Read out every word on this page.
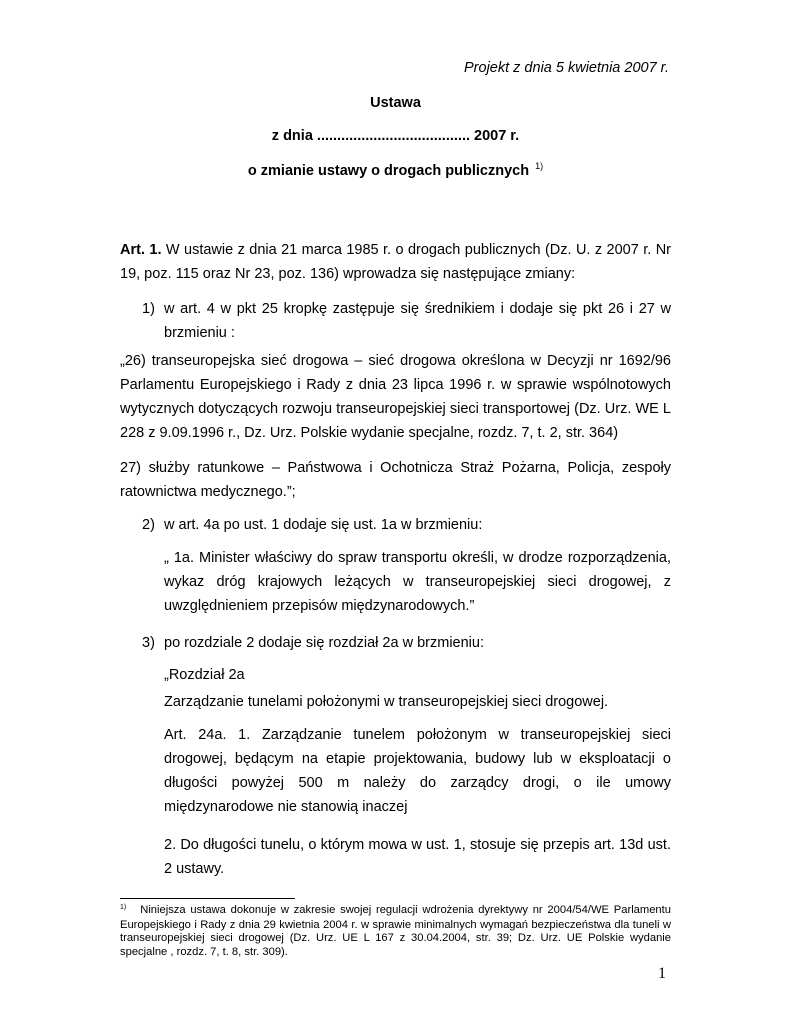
Projekt z dnia 5 kwietnia 2007 r.
Ustawa
z dnia ...................................... 2007 r.
o zmianie ustawy o drogach publicznych $^{1)}$
Art. 1. W ustawie z dnia 21 marca 1985 r. o drogach publicznych (Dz. U. z 2007 r. Nr 19, poz. 115 oraz Nr 23, poz. 136) wprowadza się następujące zmiany:
1) w art. 4 w pkt 25 kropkę zastępuje się średnikiem i dodaje się pkt 26 i 27 w brzmieniu :
„26) transeuropejska sieć drogowa – sieć drogowa określona w Decyzji nr 1692/96 Parlamentu Europejskiego i Rady z dnia 23 lipca 1996 r. w sprawie wspólnotowych wytycznych dotyczących rozwoju transeuropejskiej sieci transportowej (Dz. Urz. WE L 228 z 9.09.1996 r., Dz. Urz. Polskie wydanie specjalne, rozdz. 7, t. 2, str. 364)
27) służby ratunkowe – Państwowa i Ochotnicza Straż Pożarna, Policja, zespoły ratownictwa medycznego.”;
2) w art. 4a po ust. 1 dodaje się ust. 1a w brzmieniu:
„ 1a. Minister właściwy do spraw transportu określi, w drodze rozporządzenia, wykaz dróg krajowych leżących w transeuropejskiej sieci drogowej, z uwzględnieniem przepisów międzynarodowych.”
3) po rozdziale 2 dodaje się rozdział 2a w brzmieniu:
„Rozdział 2a
Zarządzanie tunelami położonymi w transeuropejskiej sieci drogowej.
Art. 24a. 1. Zarządzanie tunelem położonym w transeuropejskiej sieci drogowej, będącym na etapie projektowania, budowy lub w eksploatacji o długości powyżej 500 m należy do zarządcy drogi, o ile umowy międzynarodowe nie stanowią inaczej
2. Do długości tunelu, o którym mowa w ust. 1, stosuje się przepis art. 13d ust. 2 ustawy.
$^{1)}$ Niniejsza ustawa dokonuje w zakresie swojej regulacji wdrożenia dyrektywy nr 2004/54/WE Parlamentu Europejskiego i Rady z dnia 29 kwietnia 2004 r. w sprawie minimalnych wymagań bezpieczeństwa dla tuneli w transeuropejskiej sieci drogowej (Dz. Urz. UE L 167 z 30.04.2004, str. 39; Dz. Urz. UE Polskie wydanie specjalne , rozdz. 7, t. 8, str. 309).
1
